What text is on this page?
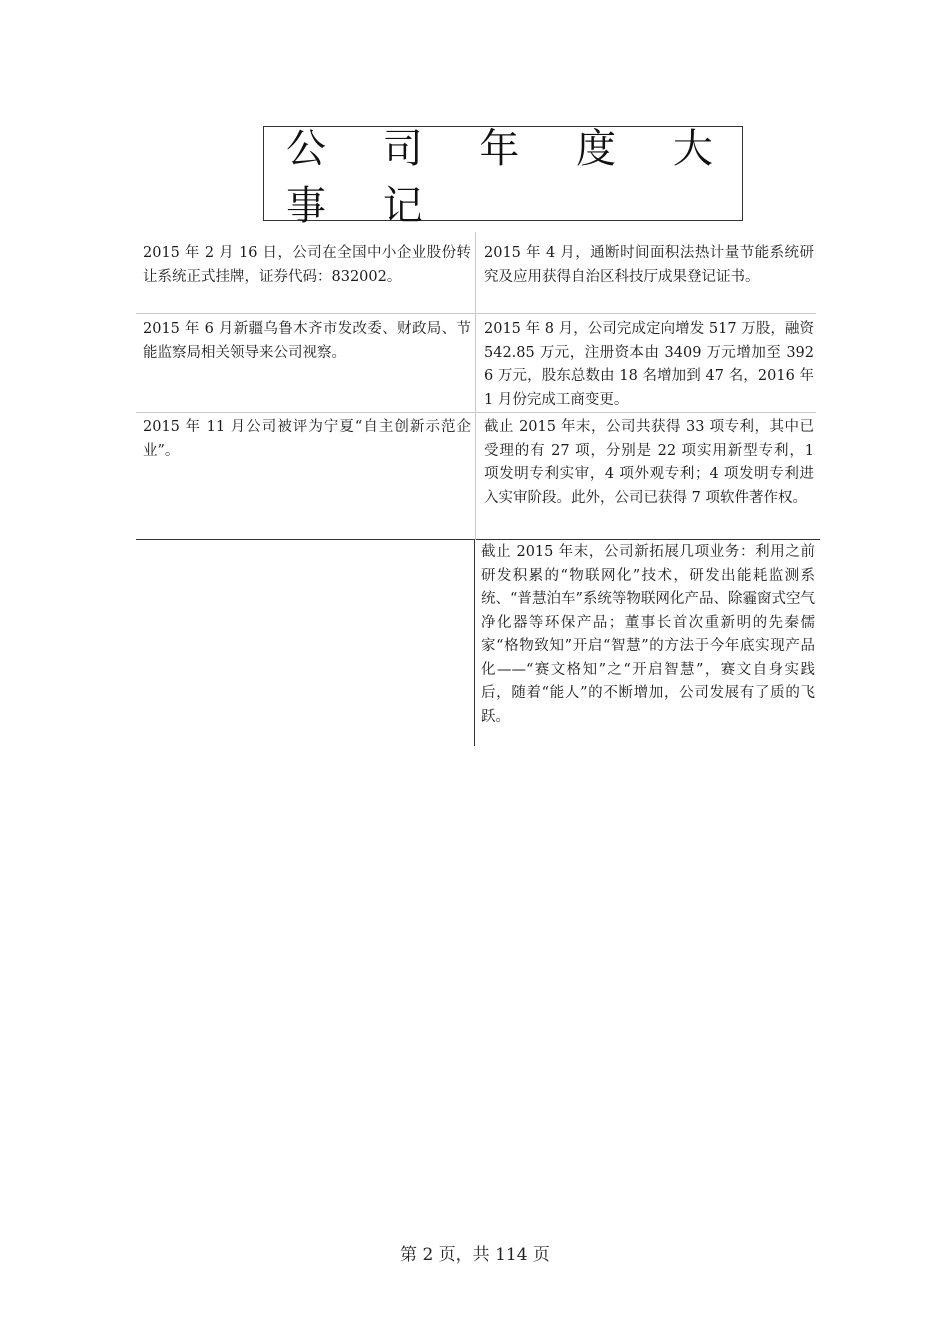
公 司 年 度 大 事 记
2015 年 2 月 16 日，公司在全国中小企业股份转让系统正式挂牌，证券代码：832002。
2015 年 4 月，通断时间面积法热计量节能系统研究及应用获得自治区科技厅成果登记证书。
2015 年 6 月新疆乌鲁木齐市发改委、财政局、节能监察局相关领导来公司视察。
2015 年 8 月，公司完成定向增发 517 万股，融资 542.85 万元，注册资本由 3409 万元增加至 3926 万元，股东总数由 18 名增加到 47 名，2016 年 1 月份完成工商变更。
2015 年 11 月公司被评为宁夏“自主创新示范企业”。
截止 2015 年末，公司共获得 33 项专利，其中已受理的有 27 项，分别是 22 项实用新型专利，1 项发明专利实审，4 项外观专利；4 项发明专利进入实审阶段。此外，公司已获得 7 项软件著作权。
截止 2015 年末，公司新拓展几项业务：利用之前研发积累的“物联网化”技术，研发出能耗监测系统、“普慧泊车”系统等物联网化产品、除霾窗式空气净化器等环保产品；董事长首次重新明的先秦儒家“格物致知”开启“智慧”的方法于今年底实现产品化——“赛文格知”之“开启智慧”，赛文自身实践后，随着“能人”的不断增加，公司发展有了质的飞跃。
第 2 页，共 114 页
